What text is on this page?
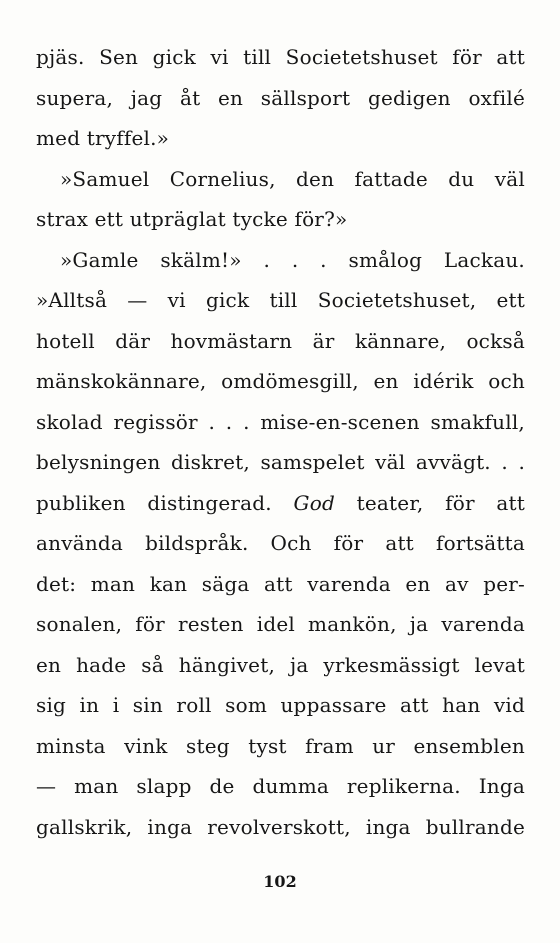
pjäs. Sen gick vi till Societetshuset för att
supera, jag åt en sällsport gedigen oxfilé
med tryffel.»
»Samuel Cornelius, den fattade du väl
strax ett utpräglat tycke för?»
»Gamle skälm!» . . . smålog Lackau.
»Alltså — vi gick till Societetshuset, ett
hotell där hovmästarn är kännare, också
mänskokännare, omdömesgill, en idérik och
skolad regissör . . . mise-en-scenen smakfull,
belysningen diskret, samspelet väl avvägt. . .
publiken distingerad. God teater, för att
använda bildspråk. Och för att fortsätta
det: man kan säga att varenda en av per-
sonalen, för resten idel mankön, ja varenda
en hade så hängivet, ja yrkesmässigt levat
sig in i sin roll som uppassare att han vid
minsta vink steg tyst fram ur ensemblen
— man slapp de dumma replikerna. Inga
gallskrik, inga revolverskott, inga bullrande
102
